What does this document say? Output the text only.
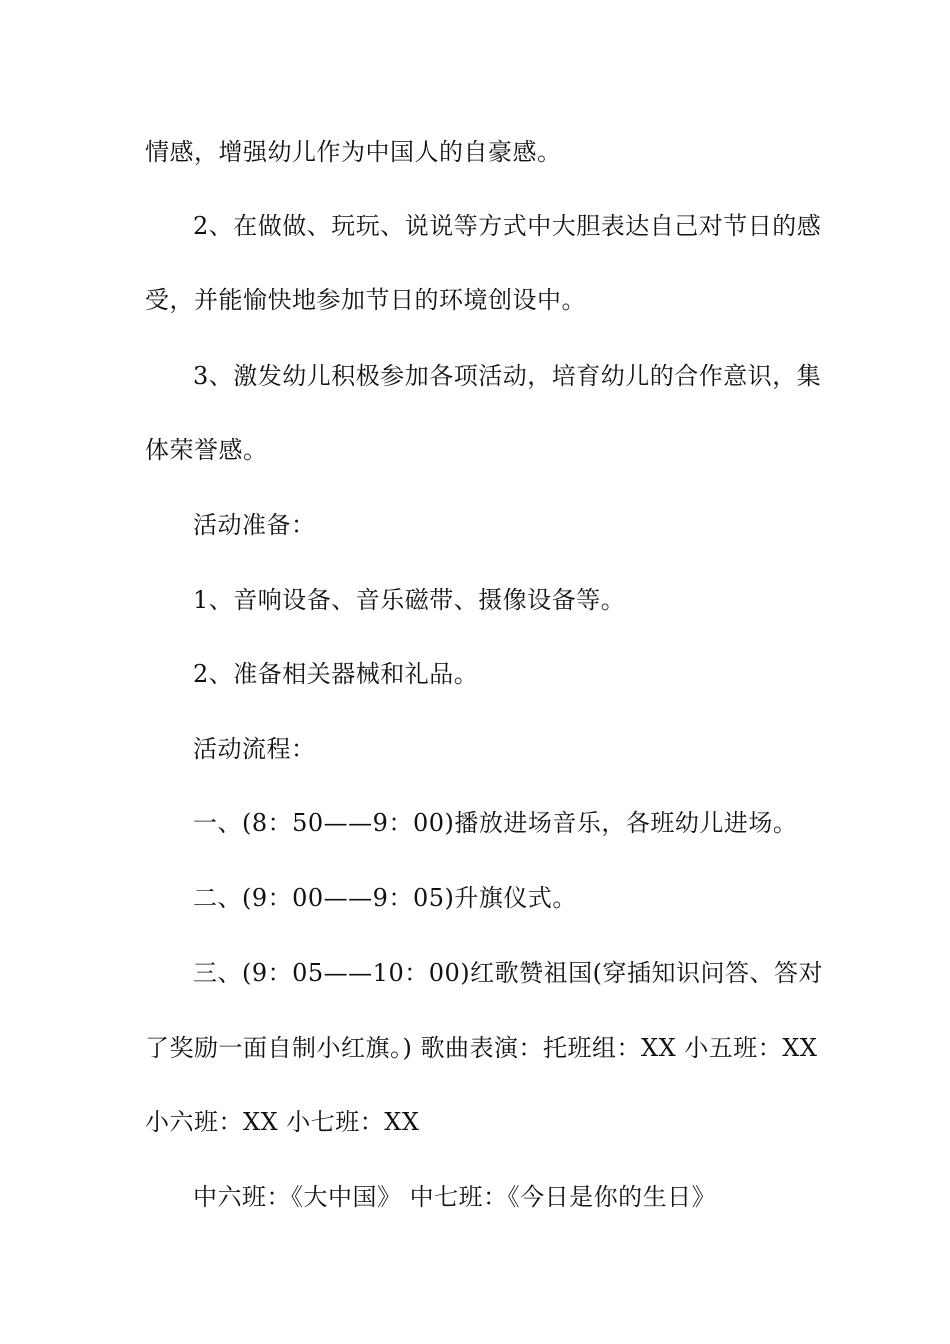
情感，增强幼儿作为中国人的自豪感。
2、在做做、玩玩、说说等方式中大胆表达自己对节日的感
受，并能愉快地参加节日的环境创设中。
3、激发幼儿积极参加各项活动，培育幼儿的合作意识，集
体荣誉感。
活动准备：
1、音响设备、音乐磁带、摄像设备等。
2、准备相关器械和礼品。
活动流程：
一、(8：50——9：00)播放进场音乐，各班幼儿进场。
二、(9：00——9：05)升旗仪式。
三、(9：05——10：00)红歌赞祖国(穿插知识问答、答对
了奖励一面自制小红旗。) 歌曲表演：托班组：XX 小五班：XX
小六班：XX 小七班：XX
中六班：《大中国》 中七班：《今日是你的生日》
